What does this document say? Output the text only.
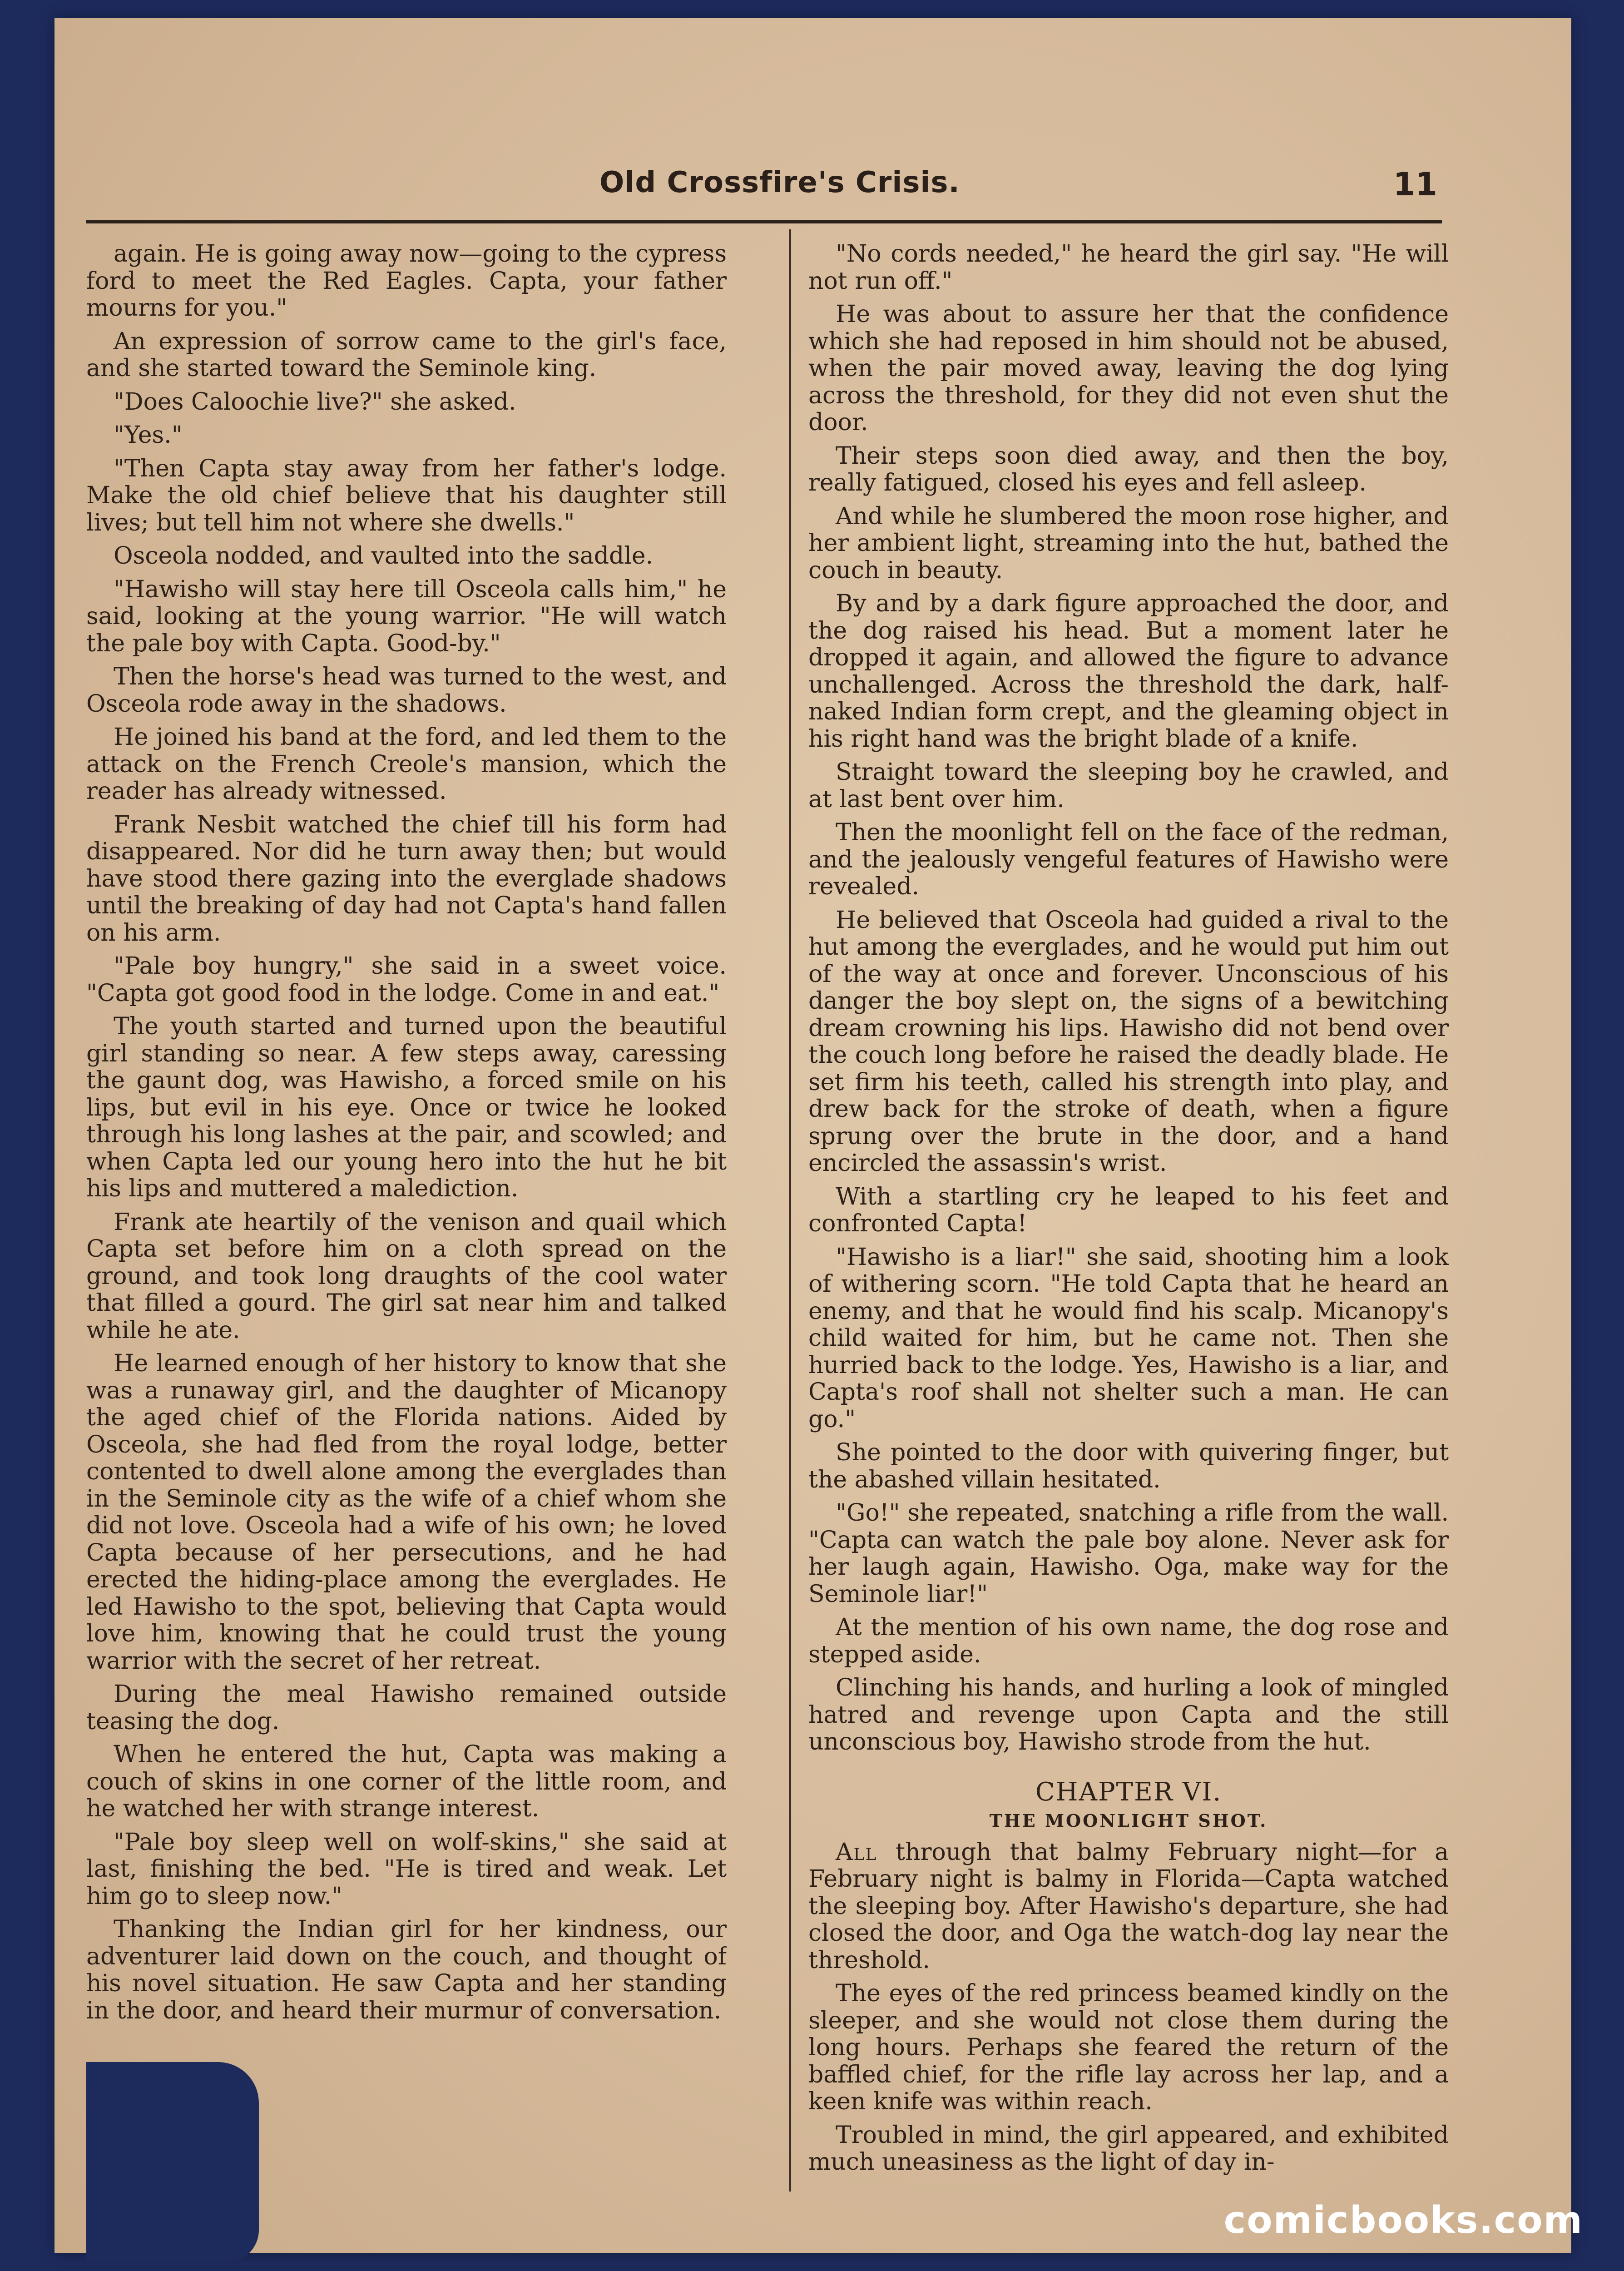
Old Crossfire's Crisis.	11

again. He is going away now—going to the cypress ford to meet the Red Eagles. Capta, your father mourns for you."

An expression of sorrow came to the girl's face, and she started toward the Seminole king.

"Does Caloochie live?" she asked.

"Yes."

"Then Capta stay away from her father's lodge. Make the old chief believe that his daughter still lives; but tell him not where she dwells."

Osceola nodded, and vaulted into the saddle.

"Hawisho will stay here till Osceola calls him," he said, looking at the young warrior. "He will watch the pale boy with Capta. Good-by."

Then the horse's head was turned to the west, and Osceola rode away in the shadows.

He joined his band at the ford, and led them to the attack on the French Creole's mansion, which the reader has already witnessed.

Frank Nesbit watched the chief till his form had disappeared. Nor did he turn away then; but would have stood there gazing into the everglade shadows until the breaking of day had not Capta's hand fallen on his arm.

"Pale boy hungry," she said in a sweet voice. "Capta got good food in the lodge. Come in and eat."

The youth started and turned upon the beautiful girl standing so near. A few steps away, caressing the gaunt dog, was Hawisho, a forced smile on his lips, but evil in his eye. Once or twice he looked through his long lashes at the pair, and scowled; and when Capta led our young hero into the hut he bit his lips and muttered a malediction.

Frank ate heartily of the venison and quail which Capta set before him on a cloth spread on the ground, and took long draughts of the cool water that filled a gourd. The girl sat near him and talked while he ate.

He learned enough of her history to know that she was a runaway girl, and the daughter of Micanopy the aged chief of the Florida nations. Aided by Osceola, she had fled from the royal lodge, better contented to dwell alone among the everglades than in the Seminole city as the wife of a chief whom she did not love. Osceola had a wife of his own; he loved Capta because of her persecutions, and he had erected the hiding-place among the everglades. He led Hawisho to the spot, believing that Capta would love him, knowing that he could trust the young warrior with the secret of her retreat.

During the meal Hawisho remained outside teasing the dog.

When he entered the hut, Capta was making a couch of skins in one corner of the little room, and he watched her with strange interest.

"Pale boy sleep well on wolf-skins," she said at last, finishing the bed. "He is tired and weak. Let him go to sleep now."

Thanking the Indian girl for her kindness, our adventurer laid down on the couch, and thought of his novel situation. He saw Capta and her standing in the door, and heard their murmur of conversation.

"No cords needed," he heard the girl say. "He will not run off."

He was about to assure her that the confidence which she had reposed in him should not be abused, when the pair moved away, leaving the dog lying across the threshold, for they did not even shut the door.

Their steps soon died away, and then the boy, really fatigued, closed his eyes and fell asleep.

And while he slumbered the moon rose higher, and her ambient light, streaming into the hut, bathed the couch in beauty.

By and by a dark figure approached the door, and the dog raised his head. But a moment later he dropped it again, and allowed the figure to advance unchallenged. Across the threshold the dark, half-naked Indian form crept, and the gleaming object in his right hand was the bright blade of a knife.

Straight toward the sleeping boy he crawled, and at last bent over him.

Then the moonlight fell on the face of the redman, and the jealously vengeful features of Hawisho were revealed.

He believed that Osceola had guided a rival to the hut among the everglades, and he would put him out of the way at once and forever. Unconscious of his danger the boy slept on, the signs of a bewitching dream crowning his lips. Hawisho did not bend over the couch long before he raised the deadly blade. He set firm his teeth, called his strength into play, and drew back for the stroke of death, when a figure sprung over the brute in the door, and a hand encircled the assassin's wrist.

With a startling cry he leaped to his feet and confronted Capta!

"Hawisho is a liar!" she said, shooting him a look of withering scorn. "He told Capta that he heard an enemy, and that he would find his scalp. Micanopy's child waited for him, but he came not. Then she hurried back to the lodge. Yes, Hawisho is a liar, and Capta's roof shall not shelter such a man. He can go."

She pointed to the door with quivering finger, but the abashed villain hesitated.

"Go!" she repeated, snatching a rifle from the wall. "Capta can watch the pale boy alone. Never ask for her laugh again, Hawisho. Oga, make way for the Seminole liar!"

At the mention of his own name, the dog rose and stepped aside.

Clinching his hands, and hurling a look of mingled hatred and revenge upon Capta and the still unconscious boy, Hawisho strode from the hut.

CHAPTER VI.
THE MOONLIGHT SHOT.

All through that balmy February night—for a February night is balmy in Florida—Capta watched the sleeping boy. After Hawisho's departure, she had closed the door, and Oga the watch-dog lay near the threshold.

The eyes of the red princess beamed kindly on the sleeper, and she would not close them during the long hours. Perhaps she feared the return of the baffled chief, for the rifle lay across her lap, and a keen knife was within reach.

Troubled in mind, the girl appeared, and exhibited much uneasiness as the light of day in-

comicbooks.com
